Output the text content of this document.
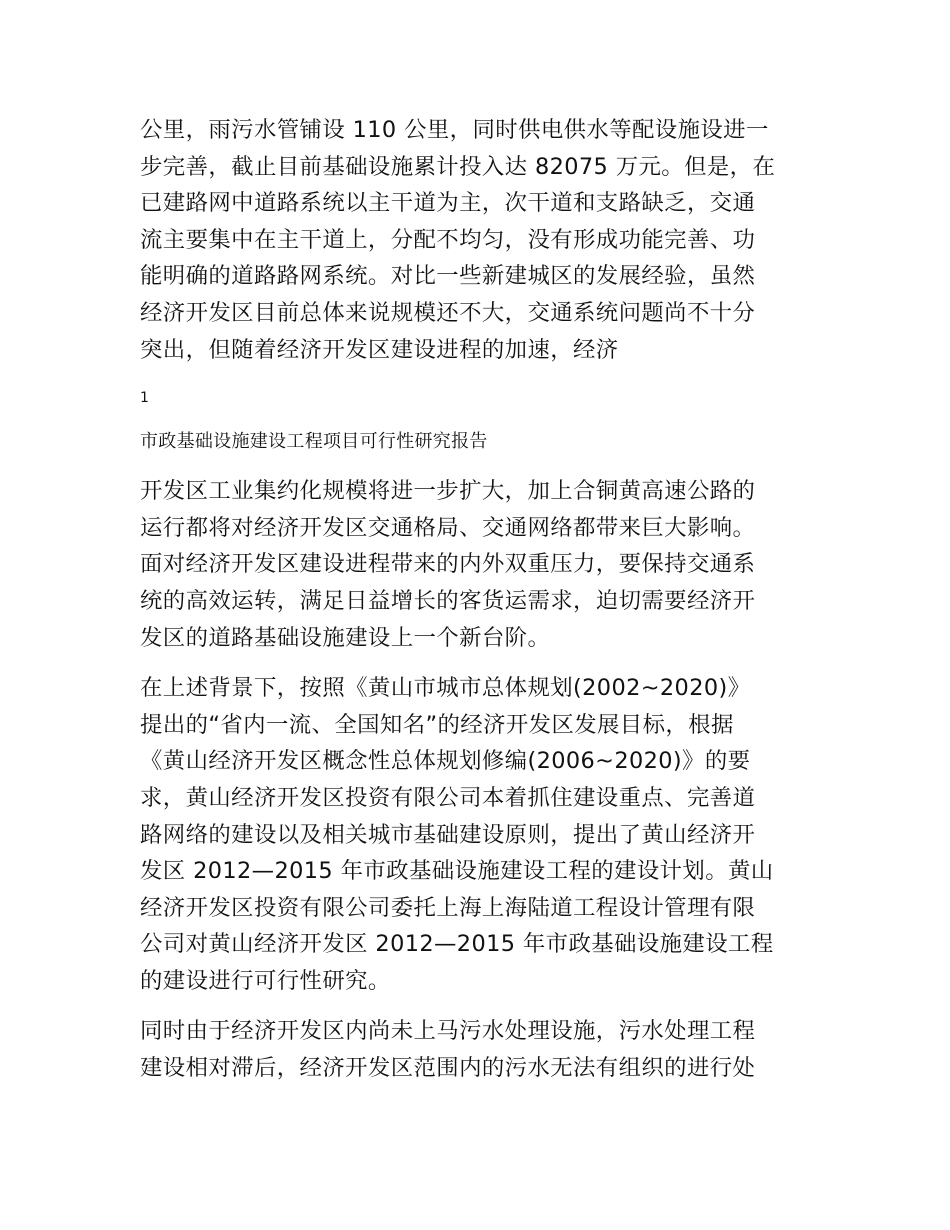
公里，雨污水管铺设 110 公里，同时供电供水等配设施设进一
步完善，截止目前基础设施累计投入达 82075 万元。但是，在
已建路网中道路系统以主干道为主，次干道和支路缺乏，交通
流主要集中在主干道上，分配不均匀，没有形成功能完善、功
能明确的道路路网系统。对比一些新建城区的发展经验，虽然
经济开发区目前总体来说规模还不大，交通系统问题尚不十分
突出，但随着经济开发区建设进程的加速，经济

1
市政基础设施建设工程项目可行性研究报告

开发区工业集约化规模将进一步扩大，加上合铜黄高速公路的
运行都将对经济开发区交通格局、交通网络都带来巨大影响。
面对经济开发区建设进程带来的内外双重压力，要保持交通系
统的高效运转，满足日益增长的客货运需求，迫切需要经济开
发区的道路基础设施建设上一个新台阶。

在上述背景下，按照《黄山市城市总体规划(2002~2020)》
提出的“省内一流、全国知名”的经济开发区发展目标，根据
《黄山经济开发区概念性总体规划修编(2006~2020)》的要
求，黄山经济开发区投资有限公司本着抓住建设重点、完善道
路网络的建设以及相关城市基础建设原则，提出了黄山经济开
发区 2012—2015 年市政基础设施建设工程的建设计划。黄山
经济开发区投资有限公司委托上海上海陆道工程设计管理有限
公司对黄山经济开发区 2012—2015 年市政基础设施建设工程
的建设进行可行性研究。

同时由于经济开发区内尚未上马污水处理设施，污水处理工程
建设相对滞后，经济开发区范围内的污水无法有组织的进行处
